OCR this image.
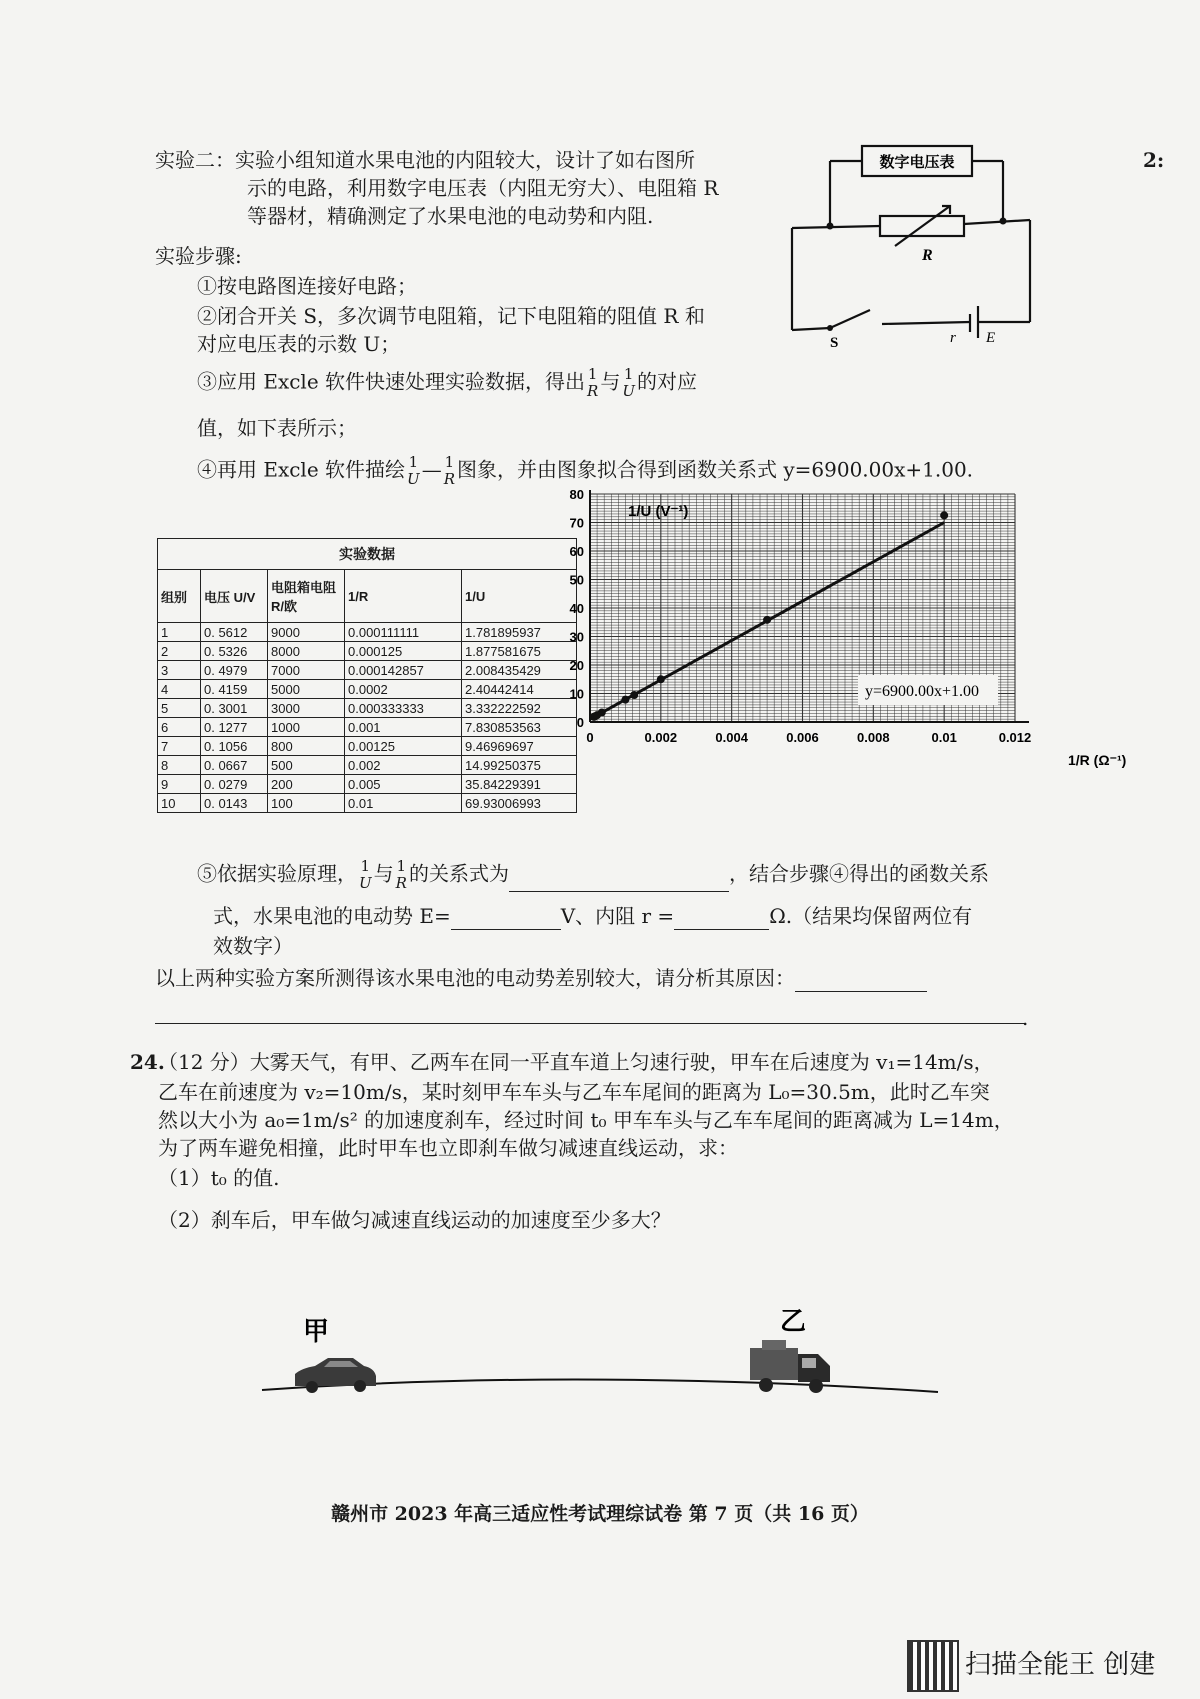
2:
实验二：实验小组知道水果电池的内阻较大，设计了如右图所
示的电路，利用数字电压表（内阻无穷大）、电阻箱 R
等器材，精确测定了水果电池的电动势和内阻.
实验步骤:
①按电路图连接好电路；
②闭合开关 S，多次调节电阻箱，记下电阻箱的阻值 R 和
对应电压表的示数 U；
③应用 Excle 软件快速处理实验数据，得出 1
R 与 1
U 的对应
值，如下表所示；
④再用 Excle 软件描绘 1
U — 1
R 图象，并由图象拟合得到函数关系式 y=6900.00x+1.00.
数字电压表
R
S	r E
实验数据				
组别	电压 U/V	电阻箱电阻R/欧	1/R	1/U
1	0. 5612	9000	0.000111111	1.781895937
2	0. 5326	8000	0.000125	1.877581675
3	0. 4979	7000	0.000142857	2.008435429
4	0. 4159	5000	0.0002	2.40442414
5	0. 3001	3000	0.000333333	3.332222592
6	0. 1277	1000	0.001	7.830853563
7	0. 1056	800	0.00125	9.46969697
8	0. 0667	500	0.002	14.99250375
9	0. 0279	200	0.005	35.84229391
10	0. 0143	100	0.01	69.93006993
0	0.002	0.004	0.006	0.008	0.01	0.012
0
10
20
30
40
50
60
70
80
1/U (V⁻¹)
1/R (Ω⁻¹)
y=6900.00x+1.00
⑤依据实验原理， 1
U 与 1
R 的关系式为	，结合步骤④得出的函数关系
式，水果电池的电动势 E=	V、内阻 r =	Ω.（结果均保留两位有
效数字）
以上两种实验方案所测得该水果电池的电动势差别较大，请分析其原因：
.
24.
（12 分）大雾天气，有甲、乙两车在同一平直车道上匀速行驶，甲车在后速度为 v₁=14m/s，
乙车在前速度为 v₂=10m/s，某时刻甲车车头与乙车车尾间的距离为 L₀=30.5m，此时乙车突
然以大小为 a₀=1m/s² 的加速度刹车，经过时间 t₀ 甲车车头与乙车车尾间的距离减为 L=14m，
为了两车避免相撞，此时甲车也立即刹车做匀减速直线运动，求：
（1）t₀ 的值.
（2）刹车后，甲车做匀减速直线运动的加速度至少多大？
甲	乙
赣州市 2023 年高三适应性考试理综试卷 第 7 页（共 16 页）
扫描全能王 创建
